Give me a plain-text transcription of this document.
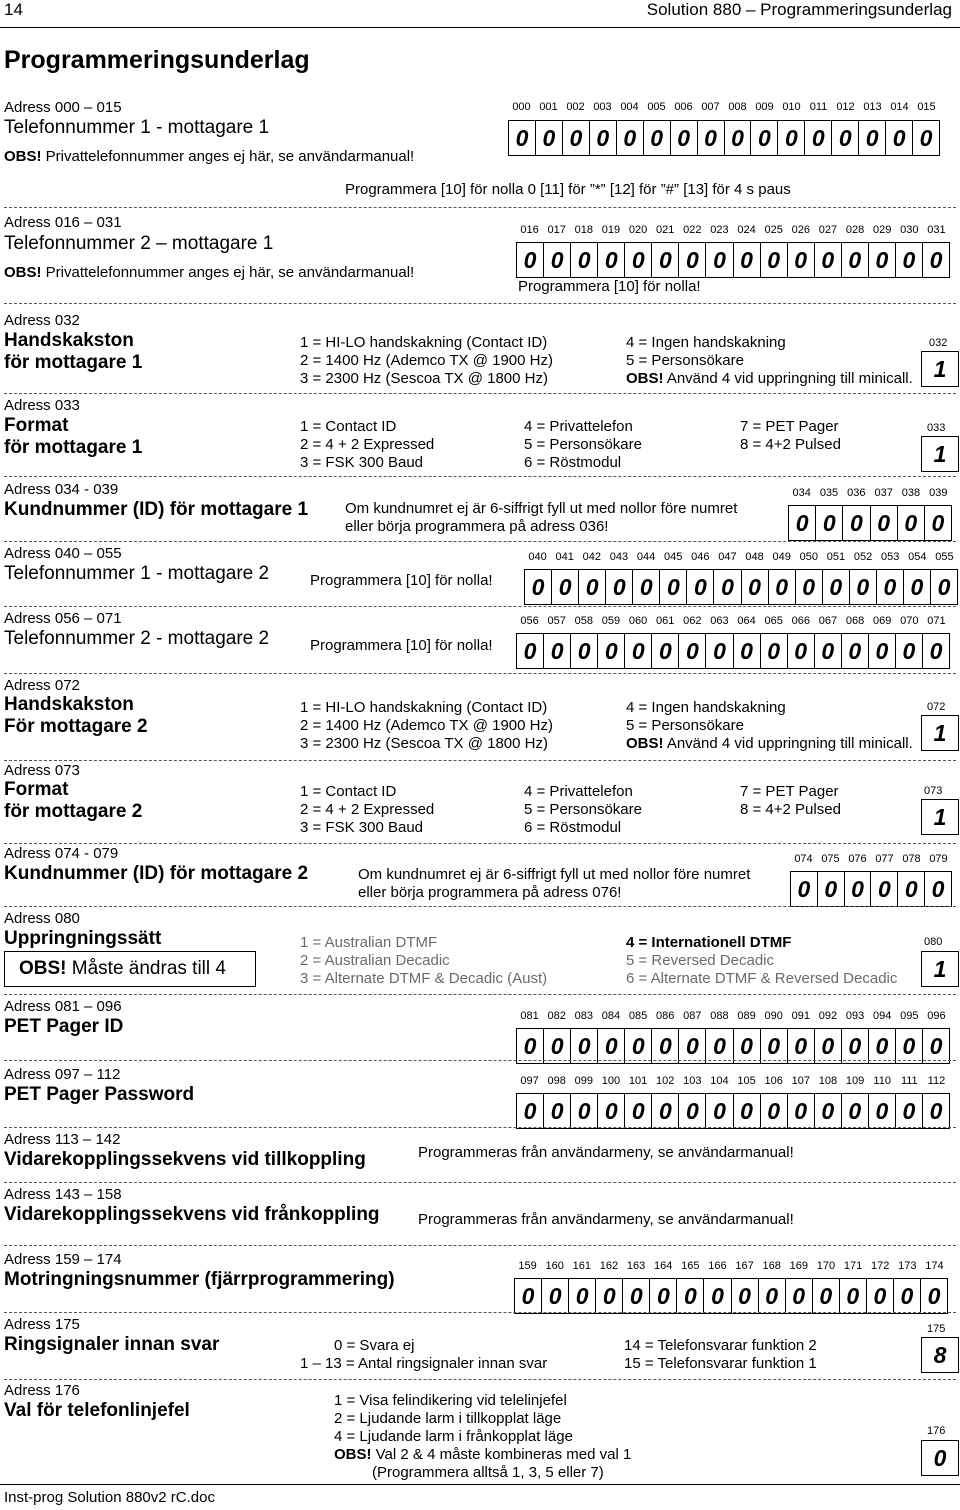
14	Solution 880 – Programmeringsunderlag
Programmeringsunderlag
Adress 000 – 015
Telefonnummer 1 - mottagare 1
OBS! Privattelefonnummer anges ej här, se användarmanual!
000 001 002 003 004 005 006 007 008 009 010 011 012 013 014 015
0 0 0 0 0 0 0 0 0 0 0 0 0 0 0 0
Programmera [10] för nolla 0 [11] för ”*” [12] för ”#” [13] för 4 s paus
Adress 016 – 031
Telefonnummer 2 – mottagare 1
OBS! Privattelefonnummer anges ej här, se användarmanual!
016 017 018 019 020 021 022 023 024 025 026 027 028 029 030 031
0 0 0 0 0 0 0 0 0 0 0 0 0 0 0 0
Programmera [10] för nolla!
Adress 032
Handskakston
för mottagare 1
1 = HI-LO handskakning (Contact ID)
2 = 1400 Hz (Ademco TX @ 1900 Hz)
3 = 2300 Hz (Sescoa TX @ 1800 Hz)
4 = Ingen handskakning
5 = Personsökare
OBS! Använd 4 vid uppringning till minicall.
032
1
Adress 033
Format
för mottagare 1
1 = Contact ID
2 = 4 + 2 Expressed
3 = FSK 300 Baud
4 = Privattelefon
5 = Personsökare
6 = Röstmodul
7 = PET Pager
8 = 4+2 Pulsed
033
1
Adress 034 - 039
Kundnummer (ID) för mottagare 1 Om kundnumret ej är 6-siffrigt fyll ut med nollor före numret
eller börja programmera på adress 036!
034 035 036 037 038 039
0 0 0 0 0 0
Adress 040 – 055
Telefonnummer 1 - mottagare 2	Programmera [10] för nolla!
040 041 042 043 044 045 046 047 048 049 050 051 052 053 054 055
0 0 0 0 0 0 0 0 0 0 0 0 0 0 0 0
Adress 056 – 071
Telefonnummer 2 - mottagare 2	Programmera [10] för nolla!
056 057 058 059 060 061 062 063 064 065 066 067 068 069 070 071
0 0 0 0 0 0 0 0 0 0 0 0 0 0 0 0
Adress 072
Handskakston
För mottagare 2
1 = HI-LO handskakning (Contact ID)
2 = 1400 Hz (Ademco TX @ 1900 Hz)
3 = 2300 Hz (Sescoa TX @ 1800 Hz)
4 = Ingen handskakning
5 = Personsökare
OBS! Använd 4 vid uppringning till minicall.
072
1
Adress 073
Format
för mottagare 2
1 = Contact ID
2 = 4 + 2 Expressed
3 = FSK 300 Baud
4 = Privattelefon
5 = Personsökare
6 = Röstmodul
7 = PET Pager
8 = 4+2 Pulsed
073
1
Adress 074 - 079
Kundnummer (ID) för mottagare 2	Om kundnumret ej är 6-siffrigt fyll ut med nollor före numret
eller börja programmera på adress 076!
074 075 076 077 078 079
0 0 0 0 0 0
Adress 080
Uppringningssätt
OBS! Måste ändras till 4
1 = Australian DTMF
2 = Australian Decadic
3 = Alternate DTMF & Decadic (Aust)
4 = Internationell DTMF
5 = Reversed Decadic
6 = Alternate DTMF & Reversed Decadic
080
1
Adress 081 – 096
PET Pager ID	081 082 083 084 085 086 087 088 089 090 091 092 093 094 095 096
0 0 0 0 0 0 0 0 0 0 0 0 0 0 0 0
Adress 097 – 112
PET Pager Password
097 098 099 100 101 102 103 104 105 106 107 108 109 110 111 112
0 0 0 0 0 0 0 0 0 0 0 0 0 0 0 0
Adress 113 – 142
Vidarekopplingssekvens vid tillkoppling	Programmeras från användarmeny, se användarmanual!
Adress 143 – 158
Vidarekopplingssekvens vid frånkoppling	Programmeras från användarmeny, se användarmanual!
Adress 159 – 174
Motringningsnummer (fjärrprogrammering)
159 160 161 162 163 164 165 166 167 168 169 170 171 172 173 174
0 0 0 0 0 0 0 0 0 0 0 0 0 0 0 0
Adress 175
Ringsignaler innan svar	0 = Svara ej
1 – 13 = Antal ringsignaler innan svar
14 = Telefonsvarar funktion 2
15 = Telefonsvarar funktion 1
175
8
Adress 176
Val för telefonlinjefel	1 = Visa felindikering vid telelinjefel
2 = Ljudande larm i tillkopplat läge
4 = Ljudande larm i frånkopplat läge
OBS! Val 2 & 4 måste kombineras med val 1
(Programmera alltså 1, 3, 5 eller 7)
176
0
Inst-prog Solution 880v2 rC.doc
